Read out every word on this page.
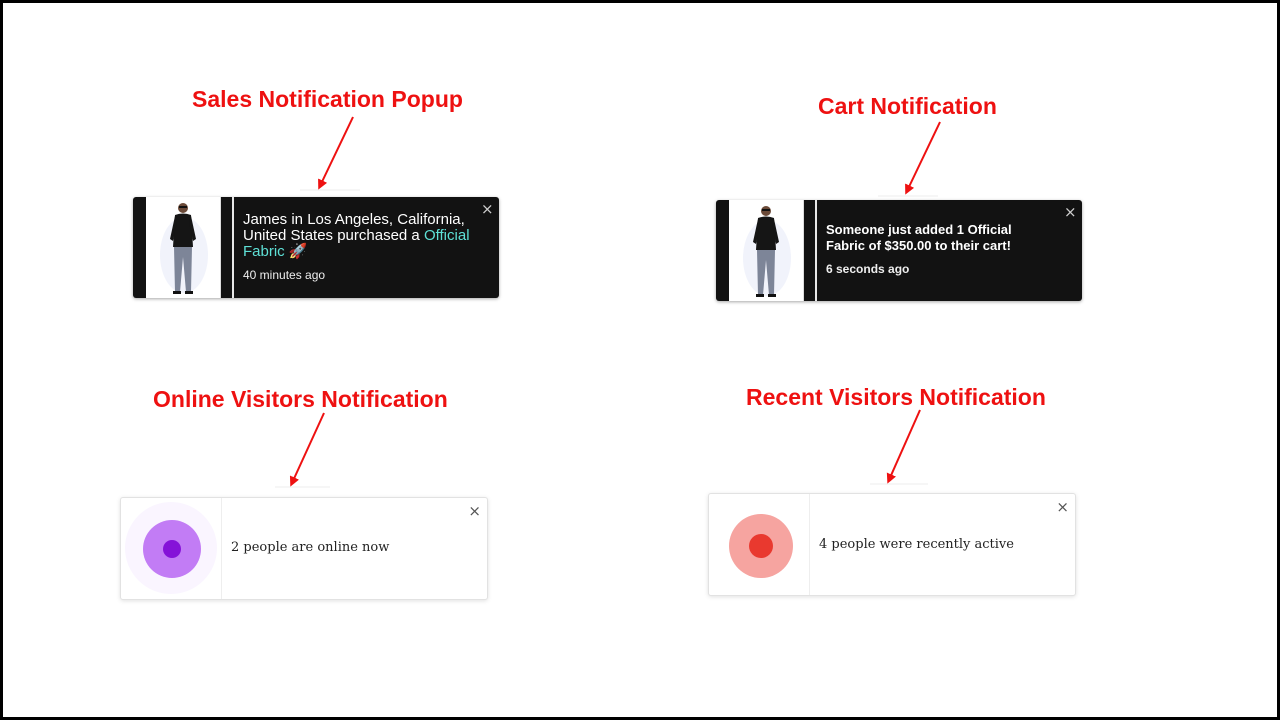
Sales Notification Popup	Cart Notification
Online Visitors Notification	Recent Visitors Notification
James in Los Angeles, California, United States purchased a Official Fabric 🚀
40 minutes ago
×
Someone just added 1 Official Fabric of $350.00 to their cart!
6 seconds ago
×
2 people are online now
×
4 people were recently active
×
